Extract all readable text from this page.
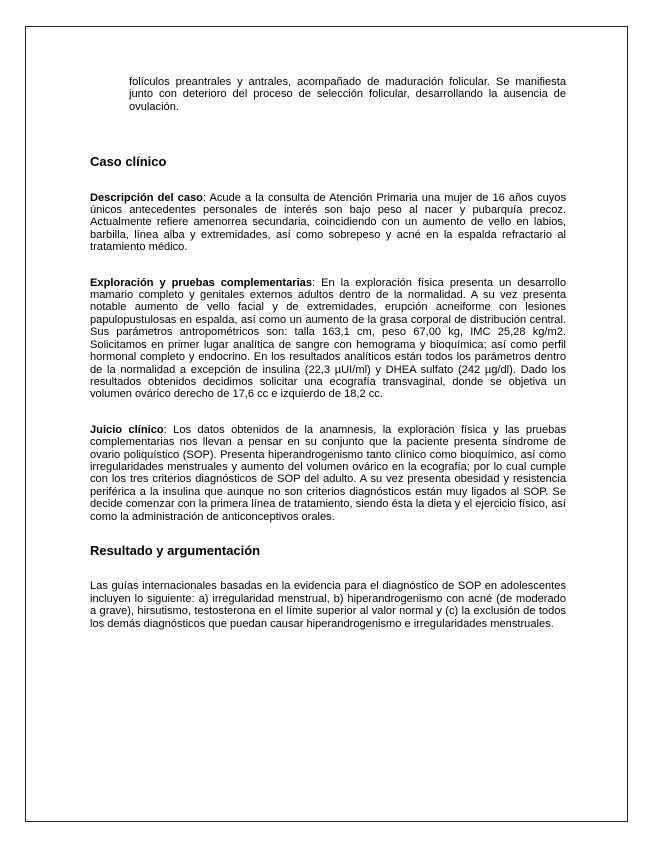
folículos preantrales y antrales, acompañado de maduración folicular. Se manifiesta junto con deterioro del proceso de selección folicular, desarrollando la ausencia de ovulación.

Caso clínico

Descripción del caso: Acude a la consulta de Atención Primaria una mujer de 16 años cuyos únicos antecedentes personales de interés son bajo peso al nacer y pubarquía precoz. Actualmente refiere amenorrea secundaria, coincidiendo con un aumento de vello en labios, barbilla, línea alba y extremidades, así como sobrepeso y acné en la espalda refractario al tratamiento médico.

Exploración y pruebas complementarias: En la exploración física presenta un desarrollo mamario completo y genitales externos adultos dentro de la normalidad. A su vez presenta notable aumento de vello facial y de extremidades, erupción acneiforme con lesiones papulopustulosas en espalda, así como un aumento de la grasa corporal de distribución central. Sus parámetros antropométricos son: talla 163,1 cm, peso 67,00 kg, IMC 25,28 kg/m2. Solicitamos en primer lugar analítica de sangre con hemograma y bioquímica; así como perfil hormonal completo y endocrino. En los resultados analíticos están todos los parámetros dentro de la normalidad a excepción de insulina (22,3 µUI/ml) y DHEA sulfato (242 µg/dl). Dado los resultados obtenidos decidimos solicitar una ecografía transvaginal, donde se objetiva un volumen ovárico derecho de 17,6 cc e izquierdo de 18,2 cc.

Juicio clínico: Los datos obtenidos de la anamnesis, la exploración física y las pruebas complementarias nos llevan a pensar en su conjunto que la paciente presenta síndrome de ovario poliquístico (SOP). Presenta hiperandrogenismo tanto clínico como bioquímico, así como irregularidades menstruales y aumento del volumen ovárico en la ecografía; por lo cual cumple con los tres criterios diagnósticos de SOP del adulto. A su vez presenta obesidad y resistencia periférica a la insulina que aunque no son criterios diagnósticos están muy ligados al SOP. Se decide comenzar con la primera línea de tratamiento, siendo ésta la dieta y el ejercicio físico, así como la administración de anticonceptivos orales.

Resultado y argumentación

Las guías internacionales basadas en la evidencia para el diagnóstico de SOP en adolescentes incluyen lo siguiente: a) irregularidad menstrual, b) hiperandrogenismo con acné (de moderado a grave), hirsutismo, testosterona en el límite superior al valor normal y (c) la exclusión de todos los demás diagnósticos que puedan causar hiperandrogenismo e irregularidades menstruales.
